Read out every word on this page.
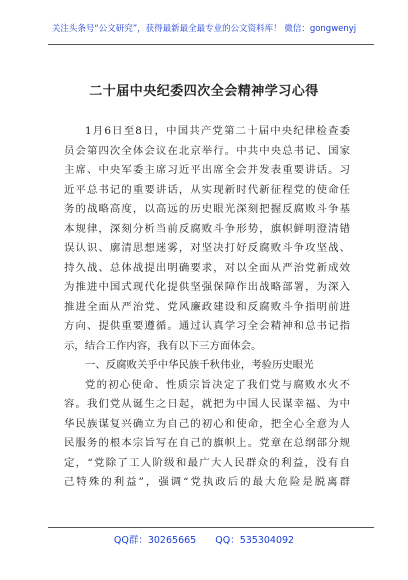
关注头条号“公文研究”，获得最新最全最专业的公文资料库！ 微信：gongwenyj
二十届中央纪委四次全会精神学习心得
1月6日至8日，中国共产党第二十届中央纪律检查委
员会第四次全体会议在北京举行。中共中央总书记、国家
主席、中央军委主席习近平出席全会并发表重要讲话。习
近平总书记的重要讲话，从实现新时代新征程党的使命任
务的战略高度，以高远的历史眼光深刻把握反腐败斗争基
本规律，深刻分析当前反腐败斗争形势，旗帜鲜明澄清错
误认识、廓清思想迷雾，对坚决打好反腐败斗争攻坚战、
持久战、总体战提出明确要求，对以全面从严治党新成效
为推进中国式现代化提供坚强保障作出战略部署，为深入
推进全面从严治党、党风廉政建设和反腐败斗争指明前进
方向、提供重要遵循。通过认真学习全会精神和总书记指
示，结合工作内容，我有以下三方面体会。
一、反腐败关乎中华民族千秋伟业，考验历史眼光
党的初心使命、性质宗旨决定了我们党与腐败水火不
容。我们党从诞生之日起，就把为中国人民谋幸福、为中
华民族谋复兴确立为自己的初心和使命，把全心全意为人
民服务的根本宗旨写在自己的旗帜上。党章在总纲部分规
定，“党除了工人阶级和最广大人民群众的利益，没有自
己特殊的利益”，强调“党执政后的最大危险是脱离群
QQ群：30265665 QQ：535304092
